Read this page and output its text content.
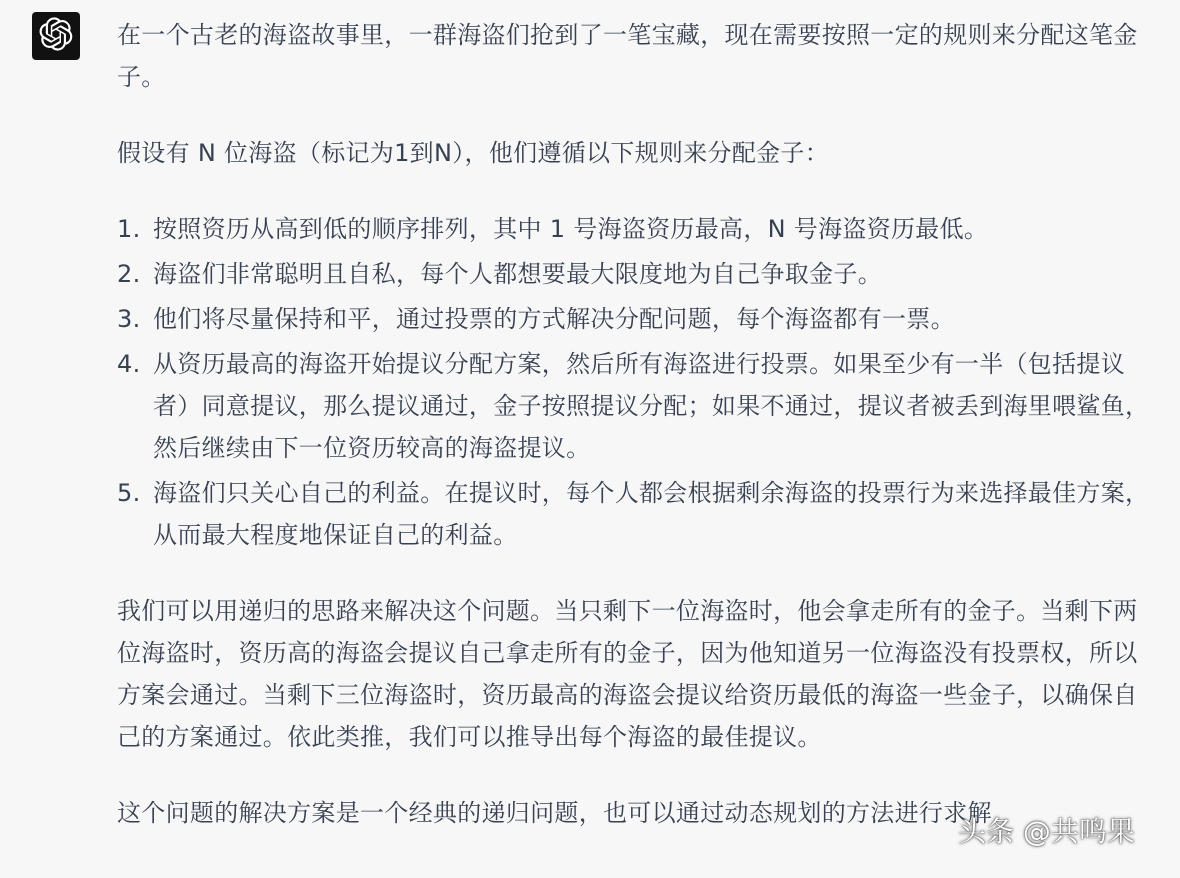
在一个古老的海盗故事里，一群海盗们抢到了一笔宝藏，现在需要按照一定的规则来分配这笔金子。

假设有 N 位海盗（标记为1到N），他们遵循以下规则来分配金子：

1. 按照资历从高到低的顺序排列，其中 1 号海盗资历最高，N 号海盗资历最低。
2. 海盗们非常聪明且自私，每个人都想要最大限度地为自己争取金子。
3. 他们将尽量保持和平，通过投票的方式解决分配问题，每个海盗都有一票。
4. 从资历最高的海盗开始提议分配方案，然后所有海盗进行投票。如果至少有一半（包括提议者）同意提议，那么提议通过，金子按照提议分配；如果不通过，提议者被丢到海里喂鲨鱼，然后继续由下一位资历较高的海盗提议。
5. 海盗们只关心自己的利益。在提议时，每个人都会根据剩余海盗的投票行为来选择最佳方案，从而最大程度地保证自己的利益。

我们可以用递归的思路来解决这个问题。当只剩下一位海盗时，他会拿走所有的金子。当剩下两位海盗时，资历高的海盗会提议自己拿走所有的金子，因为他知道另一位海盗没有投票权，所以方案会通过。当剩下三位海盗时，资历最高的海盗会提议给资历最低的海盗一些金子，以确保自己的方案通过。依此类推，我们可以推导出每个海盗的最佳提议。

这个问题的解决方案是一个经典的递归问题，也可以通过动态规划的方法进行求解

头条 @共鸣果
